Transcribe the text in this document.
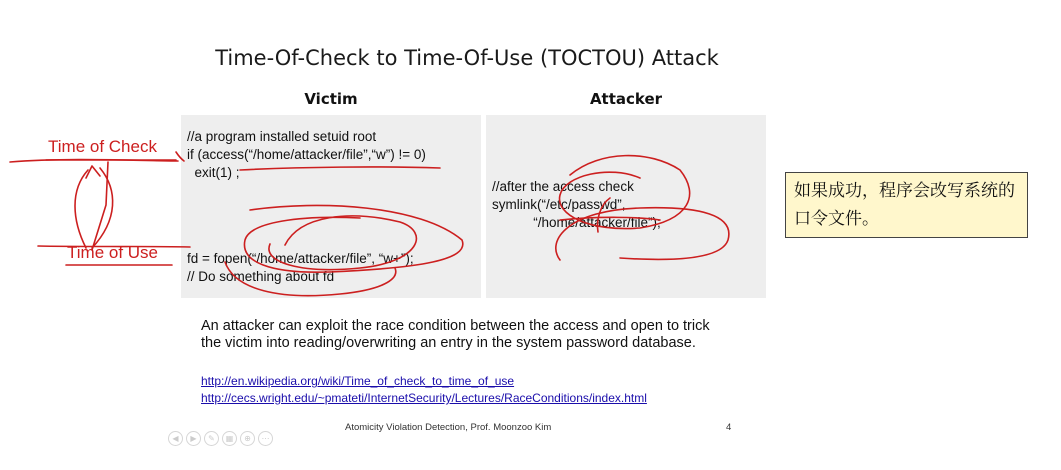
Time-Of-Check to Time-Of-Use (TOCTOU) Attack
Victim	Attacker
//a program installed setuid root
if (access(“/home/attacker/file”,“w”) != 0)
exit(1) ;
fd = fopen(“/home/attacker/file”, “w+”);
// Do something about fd
//after the access check
symlink(“/etc/passwd”,
“/home/attacker/file”);
Time of Check
Time of Use
如果成功，程序会改写系统的口令文件。
An attacker can exploit the race condition between the access and open to trick the victim into reading/overwriting an entry in the system password database.
http://en.wikipedia.org/wiki/Time_of_check_to_time_of_use
http://cecs.wright.edu/~pmateti/InternetSecurity/Lectures/RaceConditions/index.html
Atomicity Violation Detection, Prof. Moonzoo Kim	4
◀	▶	✎	▦	⊕	⋯
